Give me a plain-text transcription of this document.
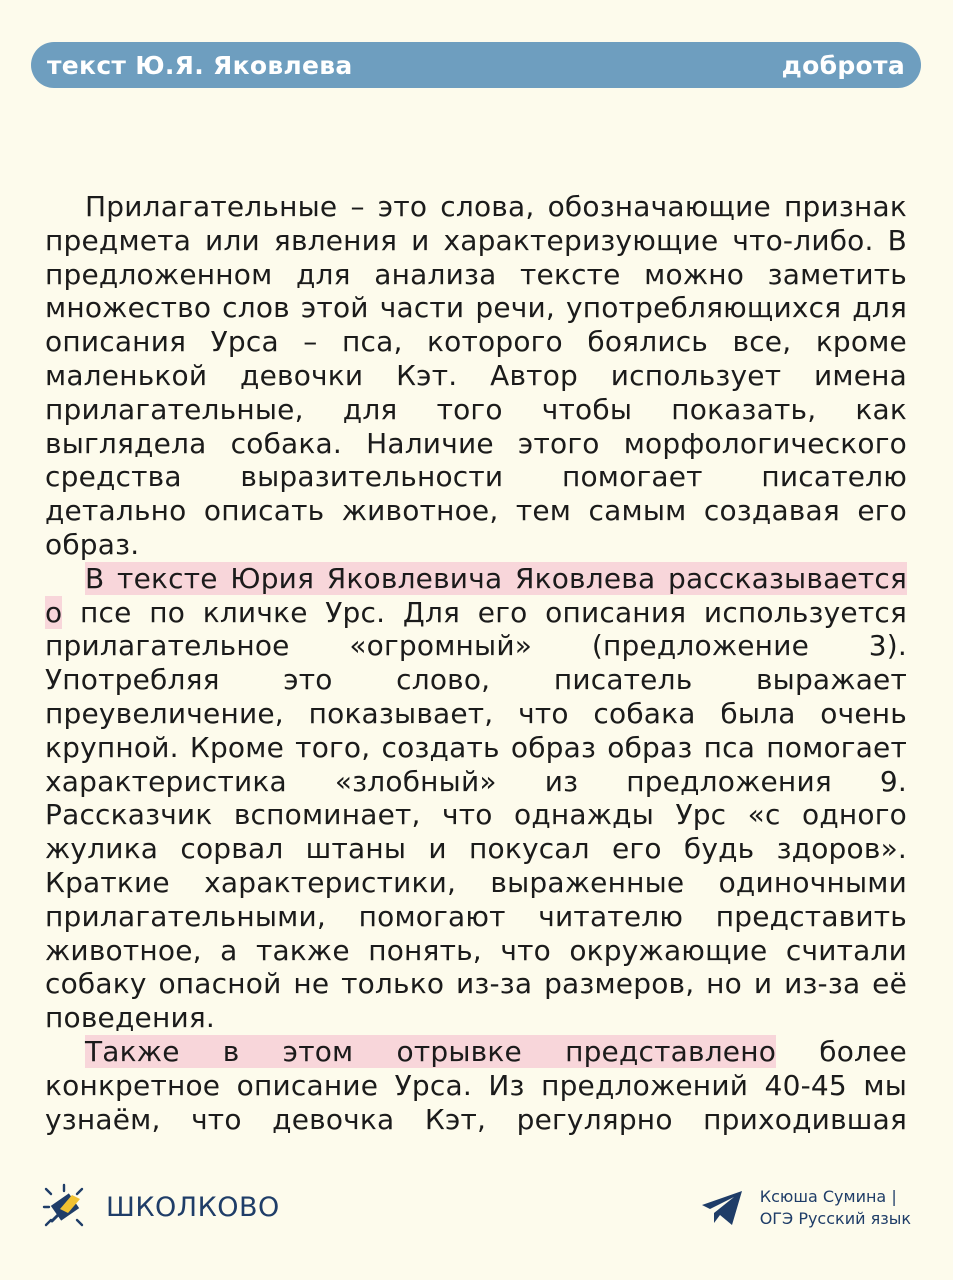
текст Ю.Я. Яковлева	доброта

Прилагательные – это слова, обозначающие признак предмета или явления и характеризующие что-либо. В предложенном для анализа тексте можно заметить множество слов этой части речи, употребляющихся для описания Урса – пса, которого боялись все, кроме маленькой девочки Кэт. Автор использует имена прилагательные, для того чтобы показать, как выглядела собака. Наличие этого морфологического средства выразительности помогает писателю детально описать животное, тем самым создавая его образ.

В тексте Юрия Яковлевича Яковлева рассказывается о псе по кличке Урс. Для его описания используется прилагательное «огромный» (предложение 3). Употребляя это слово, писатель выражает преувеличение, показывает, что собака была очень крупной. Кроме того, создать образ образ пса помогает характеристика «злобный» из предложения 9. Рассказчик вспоминает, что однажды Урс «с одного жулика сорвал штаны и покусал его будь здоров». Краткие характеристики, выраженные одиночными прилагательными, помогают читателю представить животное, а также понять, что окружающие считали собаку опасной не только из-за размеров, но и из-за её поведения.

Также в этом отрывке представлено более конкретное описание Урса. Из предложений 40-45 мы узнаём, что девочка Кэт, регулярно приходившая

ШКОЛКОВО	Ксюша Сумина |
ОГЭ Русский язык
